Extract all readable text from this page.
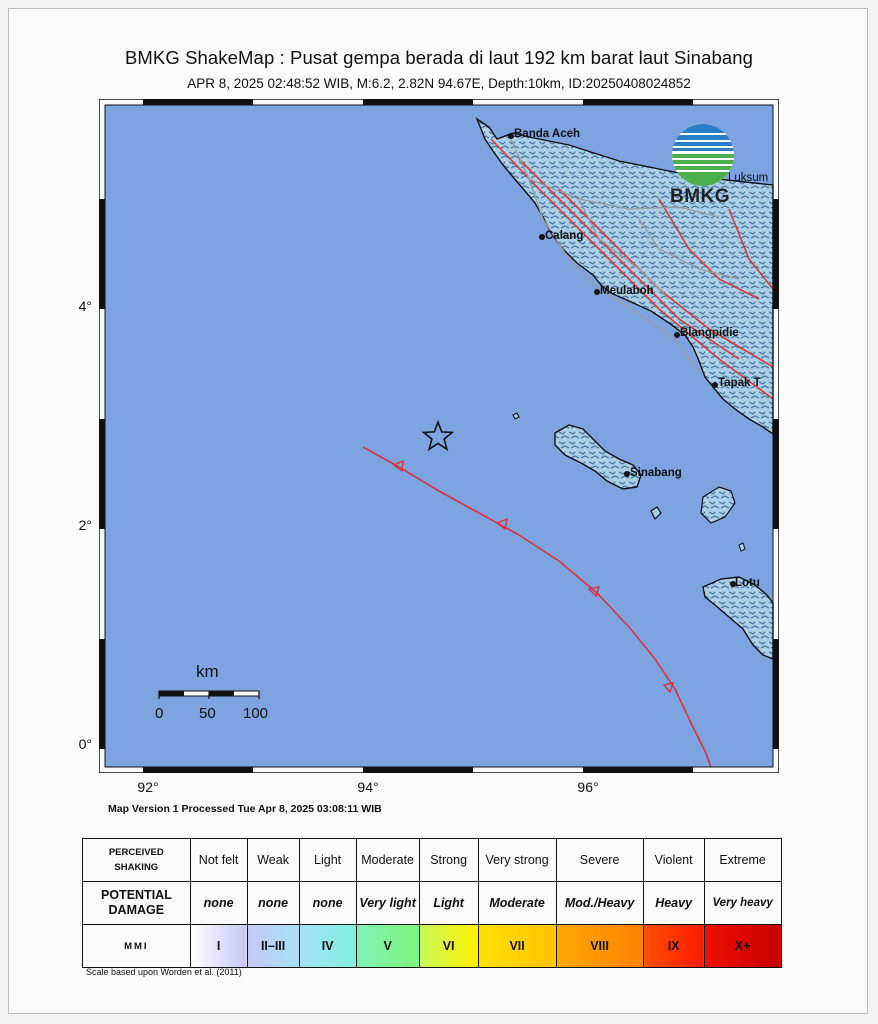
BMKG ShakeMap : Pusat gempa berada di laut 192 km barat laut Sinabang
APR 8, 2025 02:48:52 WIB, M:6.2, 2.82N 94.67E, Depth:10km, ID:20250408024852
4°
2°
0°
92°	94°	96°
Banda Aceh
Calang
Meulaboh
Blangpidie
Tapak T
Sinabang
Lotu
Luksum
BMKG
km
0 50 100
Map Version 1 Processed Tue Apr 8, 2025 03:08:11 WIB
PERCEIVED SHAKING	Not felt	Weak	Light	Moderate	Strong	Very strong	Severe	Violent	Extreme
POTENTIAL DAMAGE	none	none	none	Very light	Light	Moderate	Mod./Heavy	Heavy	Very heavy
MMI	I	II–III	IV	V	VI	VII	VIII	IX	X+
Scale based upon Worden et al. (2011)
